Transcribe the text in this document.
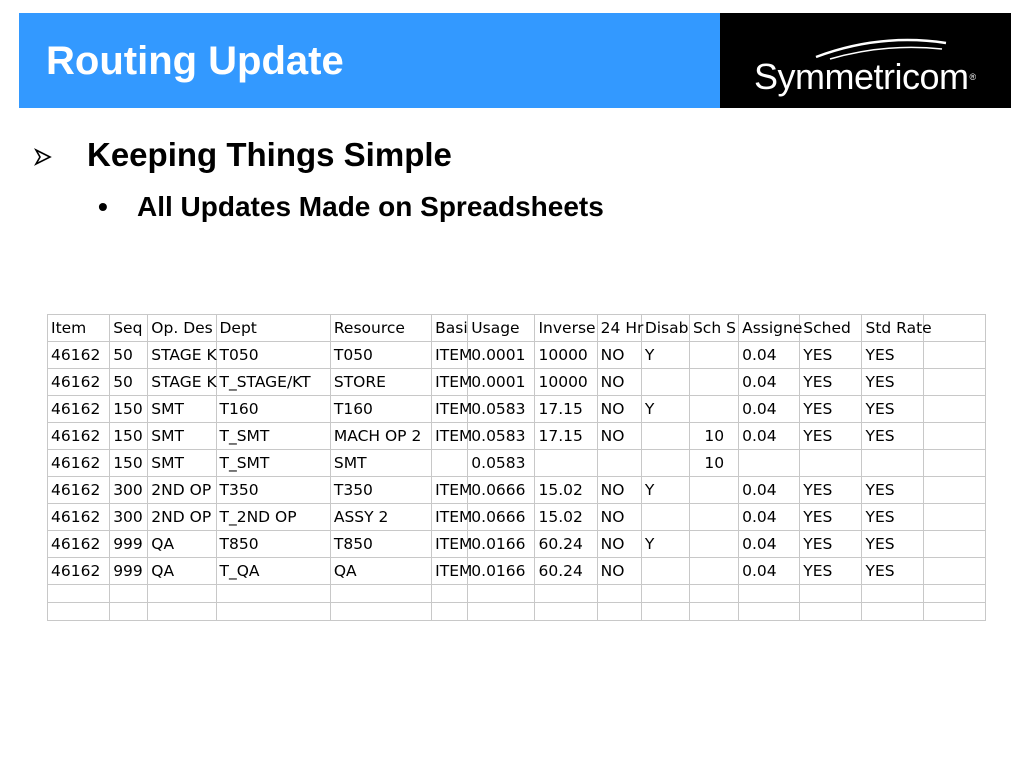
Routing Update	Symmetricom®
Keeping Things Simple
• All Updates Made on Spreadsheets
Item	Seq	Op. Des	Dept	Resource	Basi	Usage	Inverse	24 Hr	Disab	Sch S	Assigne	Sched	Std Rate	
46162	50	STAGE K	T050	T050	ITEM	0.0001	10000	NO	Y		0.04	YES	YES	
46162	50	STAGE K	T_STAGE/KT	STORE	ITEM	0.0001	10000	NO			0.04	YES	YES	
46162	150	SMT	T160	T160	ITEM	0.0583	17.15	NO	Y		0.04	YES	YES	
46162	150	SMT	T_SMT	MACH OP 2	ITEM	0.0583	17.15	NO		10	0.04	YES	YES	
46162	150	SMT	T_SMT	SMT		0.0583				10				
46162	300	2ND OP	T350	T350	ITEM	0.0666	15.02	NO	Y		0.04	YES	YES	
46162	300	2ND OP	T_2ND OP	ASSY 2	ITEM	0.0666	15.02	NO			0.04	YES	YES	
46162	999	QA	T850	T850	ITEM	0.0166	60.24	NO	Y		0.04	YES	YES	
46162	999	QA	T_QA	QA	ITEM	0.0166	60.24	NO			0.04	YES	YES	
